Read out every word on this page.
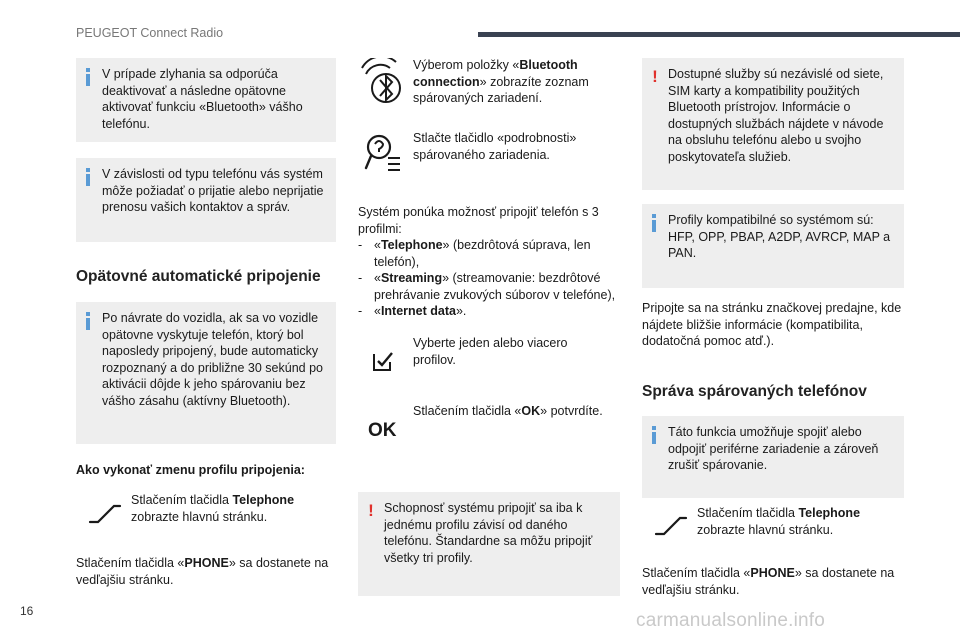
PEUGEOT Connect Radio
V prípade zlyhania sa odporúča deaktivovať a následne opätovne aktivovať funkciu «Bluetooth» vášho telefónu.
V závislosti od typu telefónu vás systém môže požiadať o prijatie alebo neprijatie prenosu vašich kontaktov a správ.
Opätovné automatické pripojenie
Po návrate do vozidla, ak sa vo vozidle opätovne vyskytuje telefón, ktorý bol naposledy pripojený, bude automaticky rozpoznaný a do približne 30 sekúnd po aktivácii dôjde k jeho spárovaniu bez vášho zásahu (aktívny Bluetooth).
Ako vykonať zmenu profilu pripojenia:
Stlačením tlačidla Telephone zobrazte hlavnú stránku.
Stlačením tlačidla «PHONE» sa dostanete na vedľajšiu stránku.
Výberom položky «Bluetooth connection» zobrazíte zoznam spárovaných zariadení.
Stlačte tlačidlo «podrobnosti» spárovaného zariadenia.
Systém ponúka možnosť pripojiť telefón s 3 profilmi:
- «Telephone» (bezdrôtová súprava, len telefón),
- «Streaming» (streamovanie: bezdrôtové prehrávanie zvukových súborov v telefóne),
- «Internet data».
Vyberte jeden alebo viacero profilov.
OK
Stlačením tlačidla «OK» potvrdíte.
! Schopnosť systému pripojiť sa iba k jednému profilu závisí od daného telefónu. Štandardne sa môžu pripojiť všetky tri profily.
! Dostupné služby sú nezávislé od siete, SIM karty a kompatibility použitých Bluetooth prístrojov. Informácie o dostupných službách nájdete v návode na obsluhu telefónu alebo u svojho poskytovateľa služieb.
Profily kompatibilné so systémom sú: HFP, OPP, PBAP, A2DP, AVRCP, MAP a PAN.
Pripojte sa na stránku značkovej predajne, kde nájdete bližšie informácie (kompatibilita, dodatočná pomoc atď.).
Správa spárovaných telefónov
Táto funkcia umožňuje spojiť alebo odpojiť periférne zariadenie a zároveň zrušiť spárovanie.
Stlačením tlačidla Telephone zobrazte hlavnú stránku.
Stlačením tlačidla «PHONE» sa dostanete na vedľajšiu stránku.
16	carmanualsonline.info
